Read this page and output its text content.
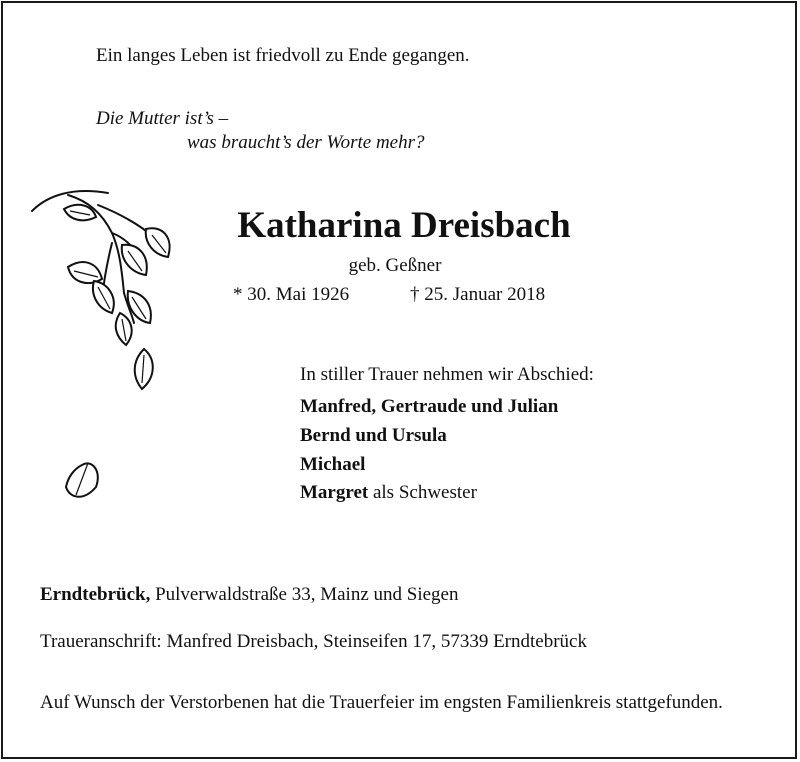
Ein langes Leben ist friedvoll zu Ende gegangen.
Die Mutter ist’s –
was braucht’s der Worte mehr?
Katharina Dreisbach
geb. Geßner
* 30. Mai 1926	† 25. Januar 2018
In stiller Trauer nehmen wir Abschied:
Manfred, Gertraude und Julian
Bernd und Ursula
Michael
Margret als Schwester
Erndtebrück, Pulverwaldstraße 33, Mainz und Siegen
Traueranschrift: Manfred Dreisbach, Steinseifen 17, 57339 Erndtebrück
Auf Wunsch der Verstorbenen hat die Trauerfeier im engsten Familienkreis stattgefunden.
